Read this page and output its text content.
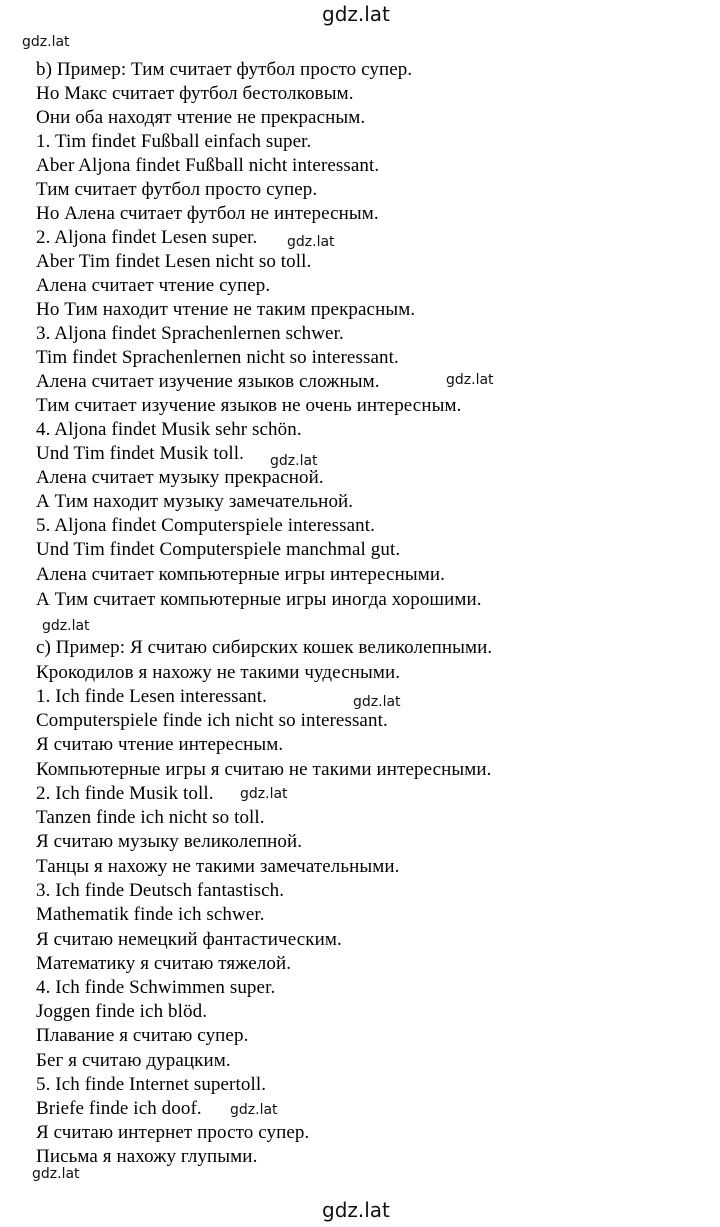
gdz.lat
gdz.lat
b) Пример: Тим считает футбол просто супер.
Но Макс считает футбол бестолковым.
Они оба находят чтение не прекрасным.
1. Tim findet Fußball einfach super.
Aber Aljona findet Fußball nicht interessant.
Тим считает футбол просто супер.
Но Алена считает футбол не интересным.
2. Aljona findet Lesen super. gdz.lat
Aber Tim findet Lesen nicht so toll.
Алена считает чтение супер.
Но Тим находит чтение не таким прекрасным.
3. Aljona findet Sprachenlernen schwer.
Tim findet Sprachenlernen nicht so interessant.
Алена считает изучение языков сложным.	gdz.lat
Тим считает изучение языков не очень интересным.
4. Aljona findet Musik sehr schön.
Und Tim findet Musik toll. gdz.lat
Алена считает музыку прекрасной.
А Тим находит музыку замечательной.
5. Aljona findet Computerspiele interessant.
Und Tim findet Computerspiele manchmal gut.
Алена считает компьютерные игры интересными.
А Тим считает компьютерные игры иногда хорошими.
gdz.lat
c) Пример: Я считаю сибирских кошек великолепными.
Крокодилов я нахожу не такими чудесными.
1. Ich finde Lesen interessant.	gdz.lat
Computerspiele finde ich nicht so interessant.
Я считаю чтение интересным.
Компьютерные игры я считаю не такими интересными.
2. Ich finde Musik toll. gdz.lat
Tanzen finde ich nicht so toll.
Я считаю музыку великолепной.
Танцы я нахожу не такими замечательными.
3. Ich finde Deutsch fantastisch.
Mathematik finde ich schwer.
Я считаю немецкий фантастическим.
Математику я считаю тяжелой.
4. Ich finde Schwimmen super.
Joggen finde ich blöd.
Плавание я считаю супер.
Бег я считаю дурацким.
5. Ich finde Internet supertoll.
Briefe finde ich doof. gdz.lat
Я считаю интернет просто супер.
Письма я нахожу глупыми.
gdz.lat
gdz.lat
